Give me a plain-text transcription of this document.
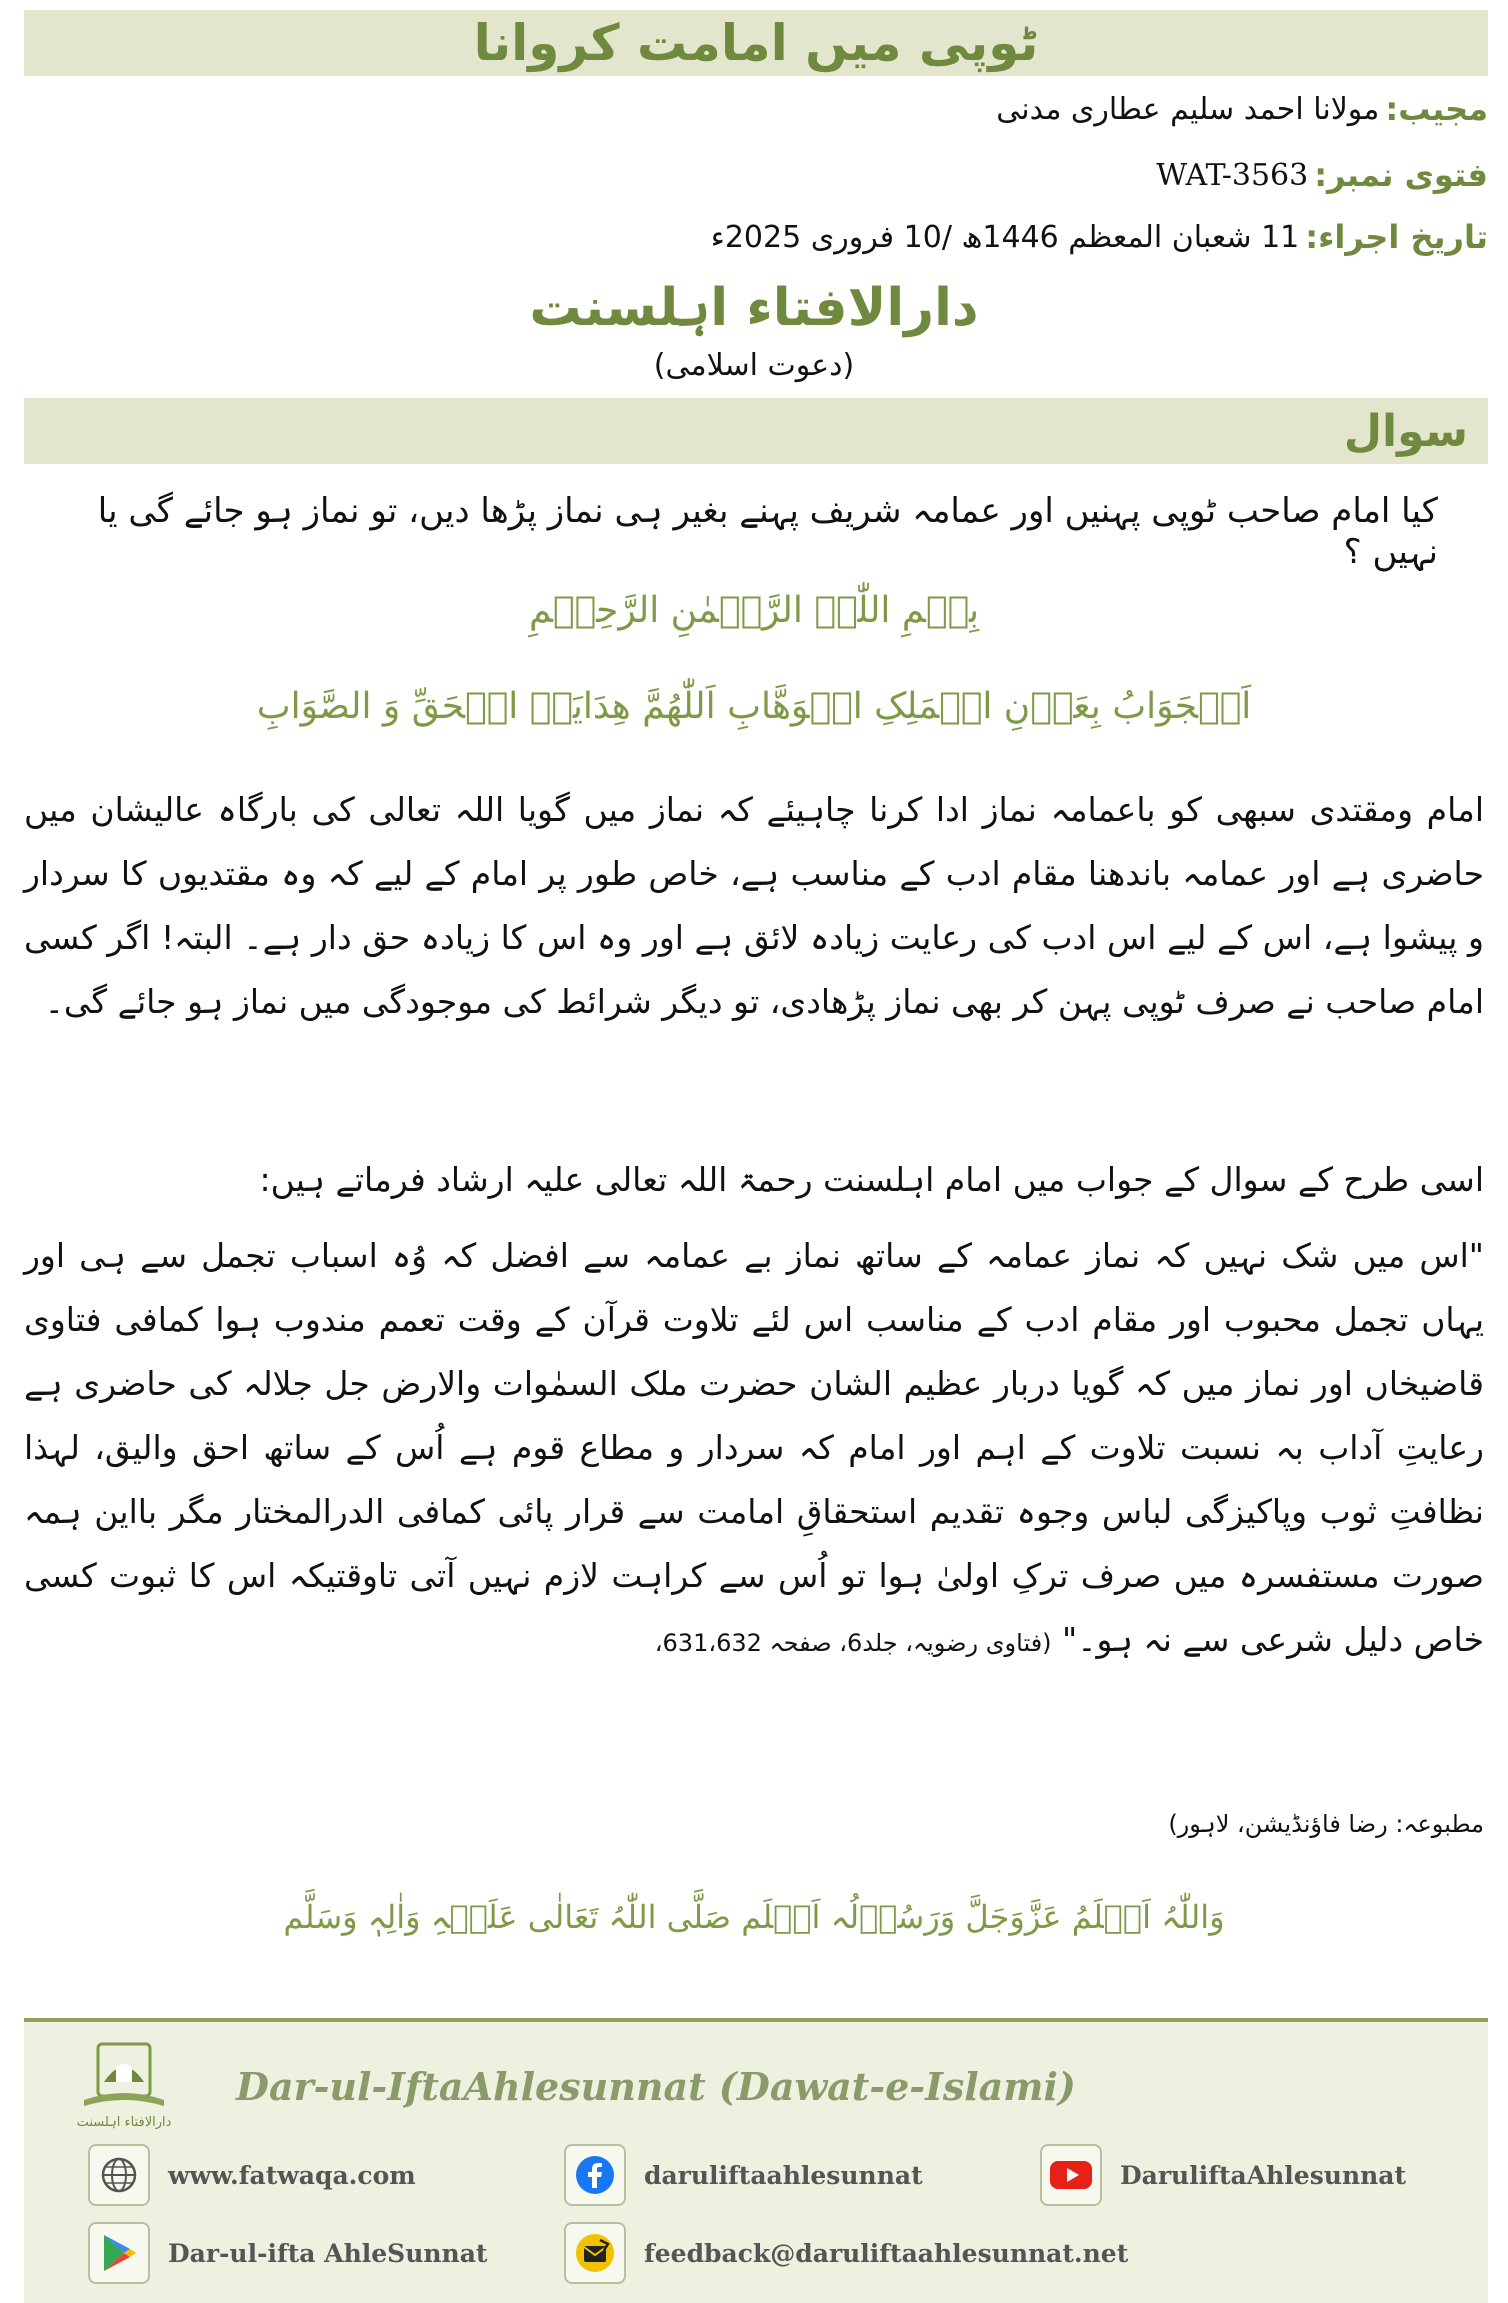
ٹوپی میں امامت کروانا
مجیب:
مولانا احمد سلیم عطاری مدنی
فتوی نمبر:
WAT-3563
تاریخ اجراء:
11 شعبان المعظم 1446ھ /10 فروری 2025ء
دارالافتاء اہلسنت
(دعوت اسلامی)
سوال
کیا امام صاحب ٹوپی پہنیں اور عمامہ شریف پہنے بغیر ہی نماز پڑھا دیں، تو نماز ہو جائے گی یا نہیں ؟
بِسۡمِ اللّٰہِ الرَّحۡمٰنِ الرَّحِیۡمِ
اَلۡجَوَابُ بِعَوۡنِ الۡمَلِکِ الۡوَھَّابِ اَللّٰھُمَّ ھِدَایَۃَ الۡحَقِّ وَ الصَّوَابِ
امام ومقتدی سبھی کو باعمامہ نماز ادا کرنا چاہیئے کہ نماز میں گویا اللہ تعالی کی بارگاہ عالیشان میں حاضری ہے اور عمامہ باندھنا مقام ادب کے مناسب ہے، خاص طور پر امام کے لیے کہ وہ مقتدیوں کا سردار و پیشوا ہے، اس کے لیے اس ادب کی رعایت زیادہ لائق ہے اور وہ اس کا زیادہ حق دار ہے۔ البتہ! اگر کسی امام صاحب نے صرف ٹوپی پہن کر بھی نماز پڑھادی، تو دیگر شرائط کی موجودگی میں نماز ہو جائے گی۔
اسی طرح کے سوال کے جواب میں امام اہلسنت رحمۃ اللہ تعالی علیہ ارشاد فرماتے ہیں:
"اس میں شک نہیں کہ نماز عمامہ کے ساتھ نماز بے عمامہ سے افضل کہ وُہ اسباب تجمل سے ہی اور یہاں تجمل محبوب اور مقام ادب کے مناسب اس لئے تلاوت قرآن کے وقت تعمم مندوب ہوا کمافی فتاوی قاضیخاں اور نماز میں کہ گویا دربار عظیم الشان حضرت ملک السمٰوات والارض جل جلالہ کی حاضری ہے رعایتِ آداب بہ نسبت تلاوت کے اہم اور امام کہ سردار و مطاع قوم ہے اُس کے ساتھ احق والیق، لہذا نظافتِ ثوب وپاکیزگی لباس وجوہ تقدیم استحقاقِ امامت سے قرار پائی کمافی الدرالمختار مگر بااین ہمہ صورت مستفسرہ میں صرف ترکِ اولیٰ ہوا تو اُس سے کراہت لازم نہیں آتی تاوقتیکہ اس کا ثبوت کسی خاص دلیل شرعی سے نہ ہو۔" (فتاوی رضویہ، جلد6، صفحہ 631،632،
مطبوعہ: رضا فاؤنڈیشن، لاہور)
وَاللّٰہُ اَعۡلَمُ عَزَّوَجَلَّ وَرَسُوۡلُہ اَعۡلَم صَلَّی اللّٰہُ تَعَالٰی عَلَیۡہِ وَاٰلِہٖ وَسَلَّم
دارالافتاء اہلسنت
Dar-ul-IftaAhlesunnat (Dawat-e-Islami)
www.fatwaqa.com	daruliftaahlesunnat	DaruliftaAhlesunnat
Dar-ul-ifta AhleSunnat	feedback@daruliftaahlesunnat.net
